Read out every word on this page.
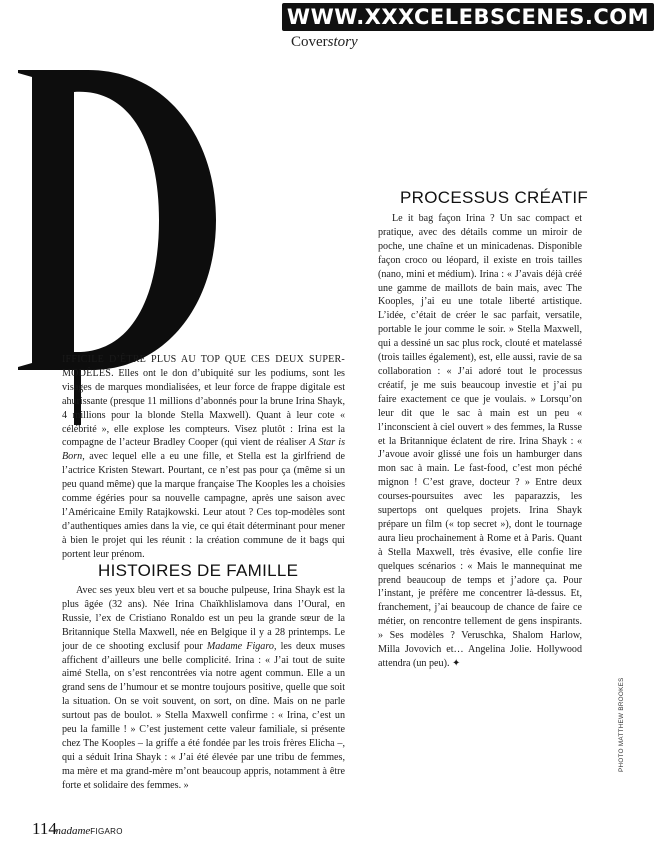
WWW.XXXCELEBSCENES.COM
Coverstory

IFFICILE D’ÊTRE PLUS AU TOP QUE CES DEUX SUPER-MODÈLES. Elles ont le don d’ubiquité sur les podiums, sont les visages de marques mondialisées, et leur force de frappe digitale est ahurissante (presque 11 millions d’abonnés pour la brune Irina Shayk, 4 millions pour la blonde Stella Maxwell). Quant à leur cote « célébrité », elle explose les compteurs. Visez plutôt : Irina est la compagne de l’acteur Bradley Cooper (qui vient de réaliser A Star is Born, avec lequel elle a eu une fille, et Stella est la girlfriend de l’actrice Kristen Stewart. Pourtant, ce n’est pas pour ça (même si un peu quand même) que la marque française The Kooples les a choisies comme égéries pour sa nouvelle campagne, après une saison avec l’Américaine Emily Ratajkowski. Leur atout ? Ces top-modèles sont d’authentiques amies dans la vie, ce qui était déterminant pour mener à bien le projet qui les réunit : la création commune de it bags qui portent leur prénom.

HISTOIRES DE FAMILLE

Avec ses yeux bleu vert et sa bouche pulpeuse, Irina Shayk est la plus âgée (32 ans). Née Irina Chaïkhlislamova dans l’Oural, en Russie, l’ex de Cristiano Ronaldo est un peu la grande sœur de la Britannique Stella Maxwell, née en Belgique il y a 28 printemps. Le jour de ce shooting exclusif pour Madame Figaro, les deux muses affichent d’ailleurs une belle complicité. Irina : « J’ai tout de suite aimé Stella, on s’est rencontrées via notre agent commun. Elle a un grand sens de l’humour et se montre toujours positive, quelle que soit la situation. On se voit souvent, on sort, on dîne. Mais on ne parle surtout pas de boulot. » Stella Maxwell confirme : « Irina, c’est un peu la famille ! » C’est justement cette valeur familiale, si présente chez The Kooples – la griffe a été fondée par les trois frères Elicha –, qui a séduit Irina Shayk : « J’ai été élevée par une tribu de femmes, ma mère et ma grand-mère m’ont beaucoup appris, notamment à être forte et solidaire des femmes. »

PROCESSUS CRÉATIF

Le it bag façon Irina ? Un sac compact et pratique, avec des détails comme un miroir de poche, une chaîne et un minicadenas. Disponible façon croco ou léopard, il existe en trois tailles (nano, mini et médium). Irina : « J’avais déjà créé une gamme de maillots de bain mais, avec The Kooples, j’ai eu une totale liberté artistique. L’idée, c’était de créer le sac parfait, versatile, portable le jour comme le soir. » Stella Maxwell, qui a dessiné un sac plus rock, clouté et matelassé (trois tailles également), est, elle aussi, ravie de sa collaboration : « J’ai adoré tout le processus créatif, je me suis beaucoup investie et j’ai pu faire exactement ce que je voulais. » Lorsqu’on leur dit que le sac à main est un peu « l’inconscient à ciel ouvert » des femmes, la Russe et la Britannique éclatent de rire. Irina Shayk : « J’avoue avoir glissé une fois un hamburger dans mon sac à main. Le fast-food, c’est mon péché mignon ! C’est grave, docteur ? » Entre deux courses-poursuites avec les paparazzis, les supertops ont quelques projets. Irina Shayk prépare un film (« top secret »), dont le tournage aura lieu prochainement à Rome et à Paris. Quant à Stella Maxwell, très évasive, elle confie lire quelques scénarios : « Mais le mannequinat me prend beaucoup de temps et j’adore ça. Pour l’instant, je préfère me concentrer là-dessus. Et, franchement, j’ai beaucoup de chance de faire ce métier, on rencontre tellement de gens inspirants. » Ses modèles ? Veruschka, Shalom Harlow, Milla Jovovich et… Angelina Jolie. Hollywood attendra (un peu). ✦

PHOTO MATTHEW BROOKES
114
madameFIGARO
